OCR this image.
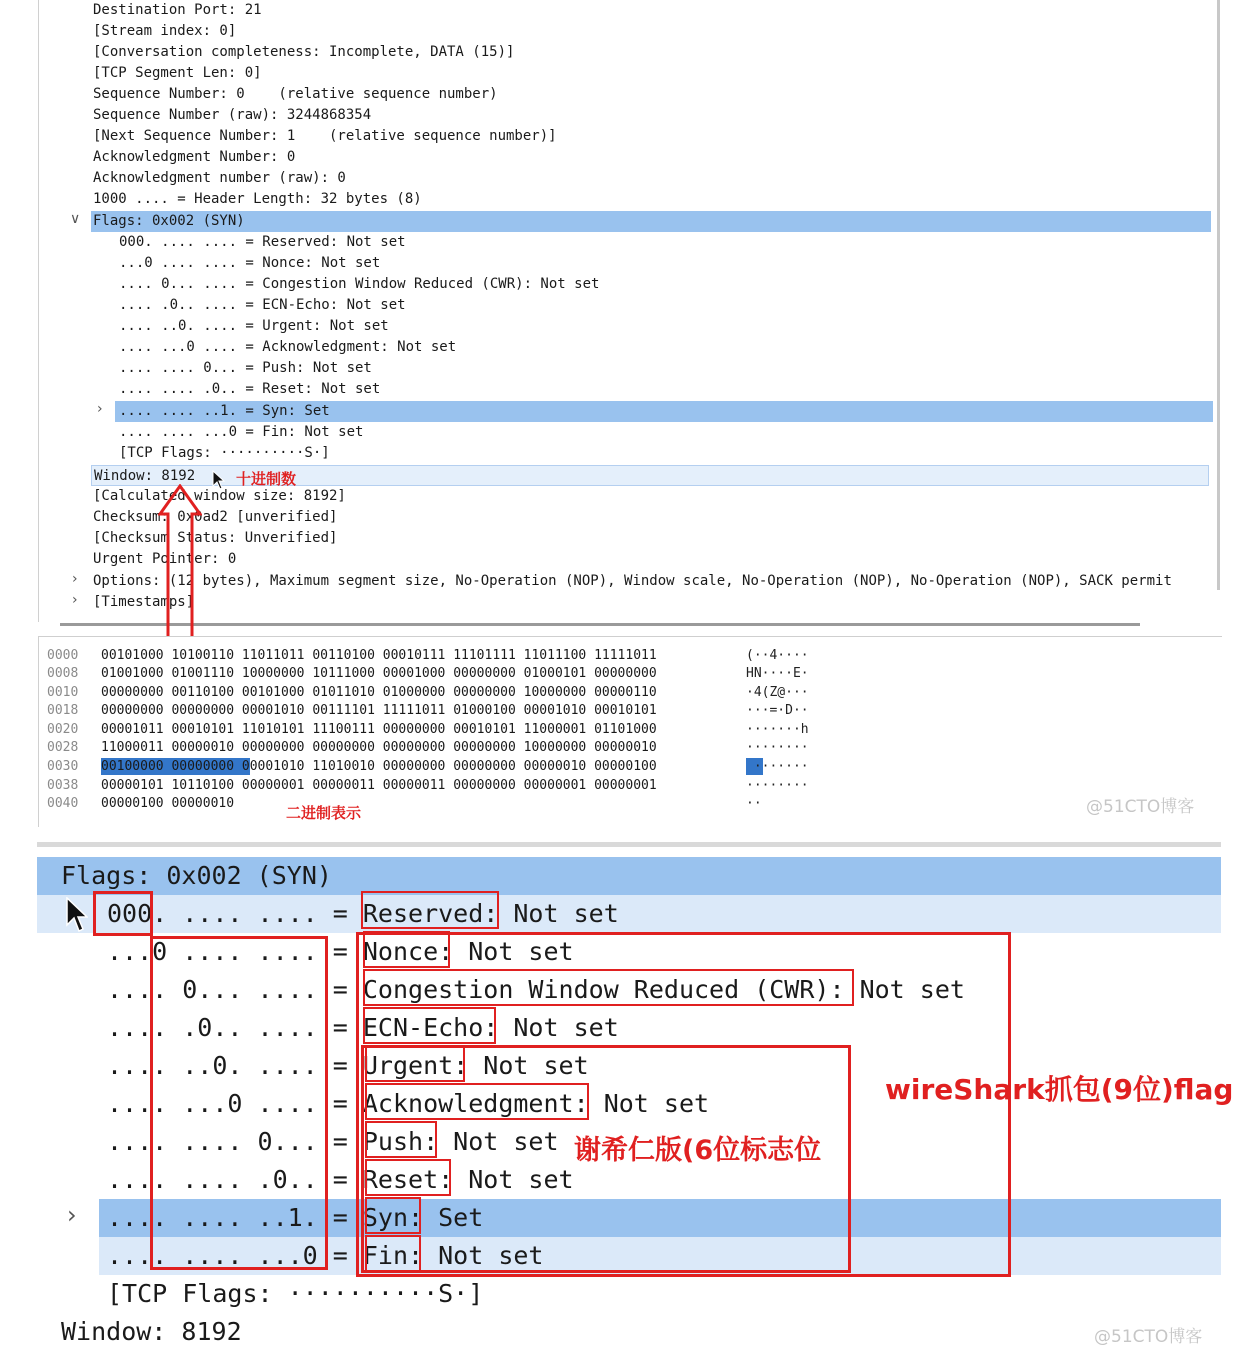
Destination Port: 21
[Stream index: 0]
[Conversation completeness: Incomplete, DATA (15)]
[TCP Segment Len: 0]
Sequence Number: 0    (relative sequence number)
Sequence Number (raw): 3244868354
[Next Sequence Number: 1    (relative sequence number)]
Acknowledgment Number: 0
Acknowledgment number (raw): 0
1000 .... = Header Length: 32 bytes (8)
∨ Flags: 0x002 (SYN)
000. .... .... = Reserved: Not set
...0 .... .... = Nonce: Not set
.... 0... .... = Congestion Window Reduced (CWR): Not set
.... .0.. .... = ECN-Echo: Not set
.... ..0. .... = Urgent: Not set
.... ...0 .... = Acknowledgment: Not set
.... .... 0... = Push: Not set
.... .... .0.. = Reset: Not set
› .... .... ..1. = Syn: Set
.... .... ...0 = Fin: Not set
[TCP Flags: ··········S·]
Window: 8192
[Calculated window size: 8192]
Checksum: 0x0ad2 [unverified]
[Checksum Status: Unverified]
Urgent Pointer: 0
› Options: (12 bytes), Maximum segment size, No-Operation (NOP), Window scale, No-Operation (NOP), No-Operation (NOP), SACK permit
› [Timestamps]
十进制数
0000 00101000 10100110 11011011 00110100 00010111 11101111 11011100 11111011	(··4····
0008 01001000 01001110 10000000 10111000 00001000 00000000 01000101 00000000	HN····E·
0010 00000000 00110100 00101000 01011010 01000000 00000000 10000000 00000110	·4(Z@···
0018 00000000 00000000 00001010 00111101 11111011 01000100 00001010 00010101	···=·D··
0020 00001011 00010101 11010101 11100111 00000000 00010101 11000001 01101000	·······h
0028 11000011 00000010 00000000 00000000 00000000 00000000 10000000 00000010	········
0030 00100000 00000000 00001010 11010010 00000000 00000000 00000010 00000100	·······
0038 00000101 10110100 00000001 00000011 00000011 00000000 00000001 00000001	········
0040 00000100 00000010	··
二进制表示	@51CTO博客
Flags: 0x002 (SYN)
000. .... .... = Reserved: Not set
...0 .... .... = Nonce: Not set
.... 0... .... = Congestion Window Reduced (CWR): Not set
.... .0.. .... = ECN-Echo: Not set
.... ..0. .... = Urgent: Not set
.... ...0 .... = Acknowledgment: Not set
.... .... 0... = Push: Not set
.... .... .0.. = Reset: Not set
›	.... .... ..1. = Syn: Set
.... .... ...0 = Fin: Not set
[TCP Flags: ··········S·]
Window: 8192
wireShark抓包(9位)flag
谢希仁版(6位标志位
@51CTO博客
